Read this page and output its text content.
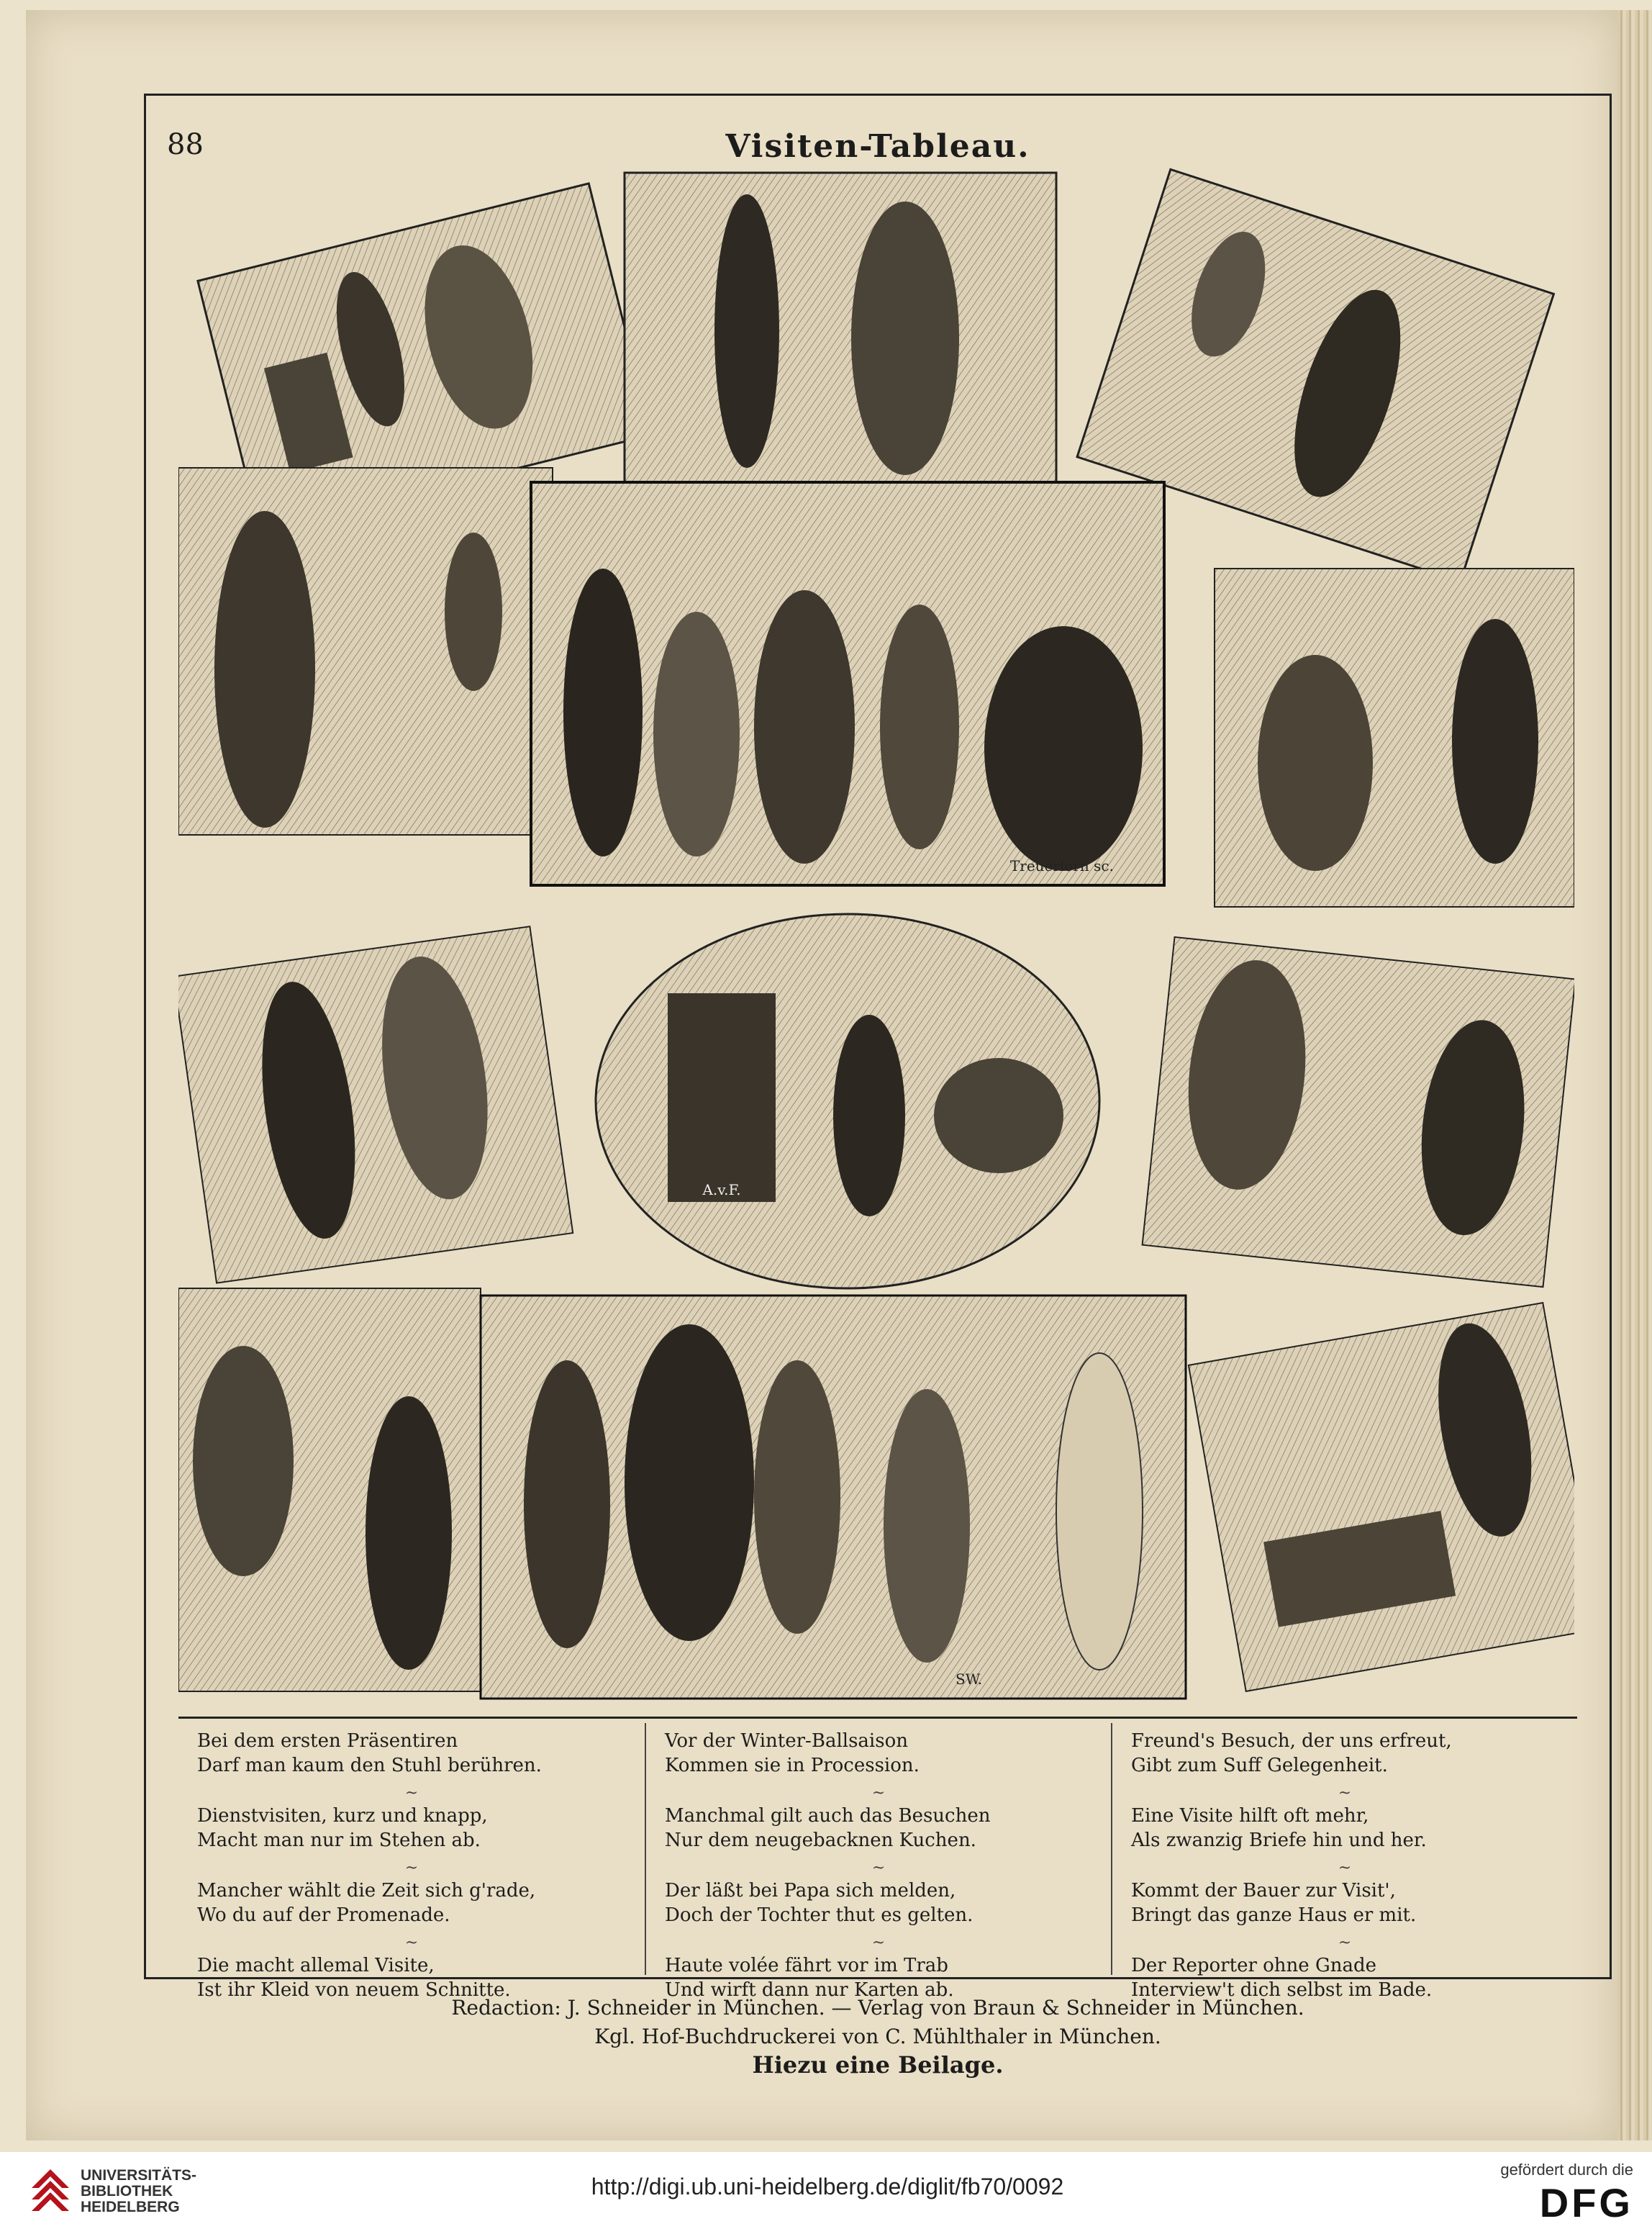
88	Visiten-Tableau.
Treuerlorn sc.
A.v.F.
SW.
Bei dem ersten Präsentiren
Darf man kaum den Stuhl berühren.
~
Dienstvisiten, kurz und knapp,
Macht man nur im Stehen ab.
~
Mancher wählt die Zeit sich g'rade,
Wo du auf der Promenade.
~
Die macht allemal Visite,
Ist ihr Kleid von neuem Schnitte.
Vor der Winter-Ballsaison
Kommen sie in Procession.
~
Manchmal gilt auch das Besuchen
Nur dem neugebacknen Kuchen.
~
Der läßt bei Papa sich melden,
Doch der Tochter thut es gelten.
~
Haute volée fährt vor im Trab
Und wirft dann nur Karten ab.
Freund's Besuch, der uns erfreut,
Gibt zum Suff Gelegenheit.
~
Eine Visite hilft oft mehr,
Als zwanzig Briefe hin und her.
~
Kommt der Bauer zur Visit',
Bringt das ganze Haus er mit.
~
Der Reporter ohne Gnade
Interview't dich selbst im Bade.
Redaction: J. Schneider in München. — Verlag von Braun & Schneider in München.
Kgl. Hof-Buchdruckerei von C. Mühlthaler in München.
Hiezu eine Beilage.
UNIVERSITÄTS-
BIBLIOTHEK
HEIDELBERG
http://digi.ub.uni-heidelberg.de/diglit/fb70/0092
gefördert durch die
DFG
